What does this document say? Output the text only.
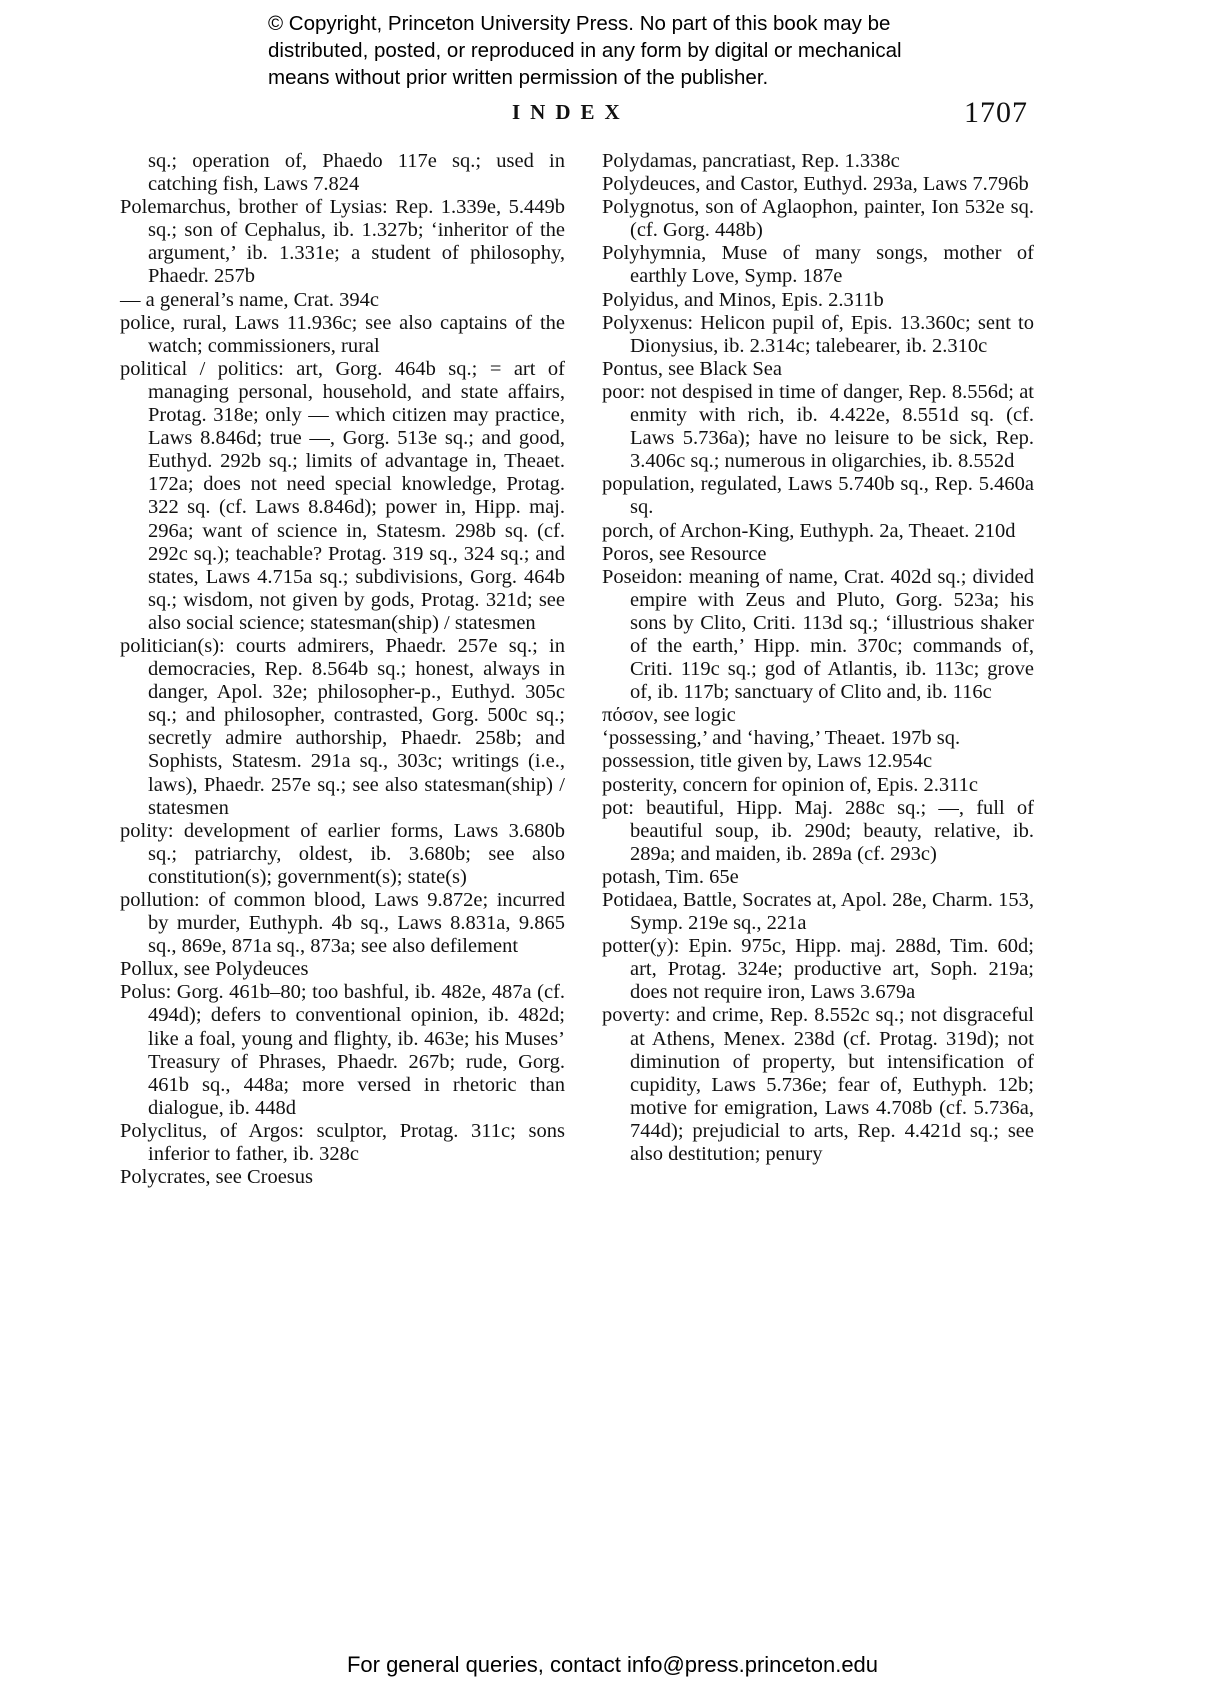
© Copyright, Princeton University Press. No part of this book may be
distributed, posted, or reproduced in any form by digital or mechanical
means without prior written permission of the publisher.
INDEX	1707

sq.; operation of, Phaedo 117e sq.; used in catching fish, Laws 7.824

Polemarchus, brother of Lysias: Rep. 1.339e, 5.449b sq.; son of Cephalus, ib. 1.327b; ‘inheritor of the argument,’ ib. 1.331e; a student of philosophy, Phaedr. 257b

— a general’s name, Crat. 394c

police, rural, Laws 11.936c; see also captains of the watch; commissioners, rural

political / politics: art, Gorg. 464b sq.; = art of managing personal, household, and state affairs, Protag. 318e; only — which citizen may practice, Laws 8.846d; true —, Gorg. 513e sq.; and good, Euthyd. 292b sq.; limits of advantage in, Theaet. 172a; does not need special knowledge, Protag. 322 sq. (cf. Laws 8.846d); power in, Hipp. maj. 296a; want of science in, Statesm. 298b sq. (cf. 292c sq.); teachable? Protag. 319 sq., 324 sq.; and states, Laws 4.715a sq.; subdivisions, Gorg. 464b sq.; wisdom, not given by gods, Protag. 321d; see also social science; statesman(ship) / statesmen

politician(s): courts admirers, Phaedr. 257e sq.; in democracies, Rep. 8.564b sq.; honest, always in danger, Apol. 32e; philosopher-p., Euthyd. 305c sq.; and philosopher, contrasted, Gorg. 500c sq.; secretly admire authorship, Phaedr. 258b; and Sophists, Statesm. 291a sq., 303c; writings (i.e., laws), Phaedr. 257e sq.; see also statesman(ship) / statesmen

polity: development of earlier forms, Laws 3.680b sq.; patriarchy, oldest, ib. 3.680b; see also constitution(s); government(s); state(s)

pollution: of common blood, Laws 9.872e; incurred by murder, Euthyph. 4b sq., Laws 8.831a, 9.865 sq., 869e, 871a sq., 873a; see also defilement

Pollux, see Polydeuces

Polus: Gorg. 461b–80; too bashful, ib. 482e, 487a (cf. 494d); defers to conventional opinion, ib. 482d; like a foal, young and flighty, ib. 463e; his Muses’ Treasury of Phrases, Phaedr. 267b; rude, Gorg. 461b sq., 448a; more versed in rhetoric than dialogue, ib. 448d

Polyclitus, of Argos: sculptor, Protag. 311c; sons inferior to father, ib. 328c

Polycrates, see Croesus

Polydamas, pancratiast, Rep. 1.338c

Polydeuces, and Castor, Euthyd. 293a, Laws 7.796b

Polygnotus, son of Aglaophon, painter, Ion 532e sq. (cf. Gorg. 448b)

Polyhymnia, Muse of many songs, mother of earthly Love, Symp. 187e

Polyidus, and Minos, Epis. 2.311b

Polyxenus: Helicon pupil of, Epis. 13.360c; sent to Dionysius, ib. 2.314c; talebearer, ib. 2.310c

Pontus, see Black Sea

poor: not despised in time of danger, Rep. 8.556d; at enmity with rich, ib. 4.422e, 8.551d sq. (cf. Laws 5.736a); have no leisure to be sick, Rep. 3.406c sq.; numerous in oligarchies, ib. 8.552d

population, regulated, Laws 5.740b sq., Rep. 5.460a sq.

porch, of Archon-King, Euthyph. 2a, Theaet. 210d

Poros, see Resource

Poseidon: meaning of name, Crat. 402d sq.; divided empire with Zeus and Pluto, Gorg. 523a; his sons by Clito, Criti. 113d sq.; ‘illustrious shaker of the earth,’ Hipp. min. 370c; commands of, Criti. 119c sq.; god of Atlantis, ib. 113c; grove of, ib. 117b; sanctuary of Clito and, ib. 116c

πόσον, see logic

‘possessing,’ and ‘having,’ Theaet. 197b sq.

possession, title given by, Laws 12.954c

posterity, concern for opinion of, Epis. 2.311c

pot: beautiful, Hipp. Maj. 288c sq.; —, full of beautiful soup, ib. 290d; beauty, relative, ib. 289a; and maiden, ib. 289a (cf. 293c)

potash, Tim. 65e

Potidaea, Battle, Socrates at, Apol. 28e, Charm. 153, Symp. 219e sq., 221a

potter(y): Epin. 975c, Hipp. maj. 288d, Tim. 60d; art, Protag. 324e; productive art, Soph. 219a; does not require iron, Laws 3.679a

poverty: and crime, Rep. 8.552c sq.; not disgraceful at Athens, Menex. 238d (cf. Protag. 319d); not diminution of property, but intensification of cupidity, Laws 5.736e; fear of, Euthyph. 12b; motive for emigration, Laws 4.708b (cf. 5.736a, 744d); prejudicial to arts, Rep. 4.421d sq.; see also destitution; penury

For general queries, contact info@press.princeton.edu
